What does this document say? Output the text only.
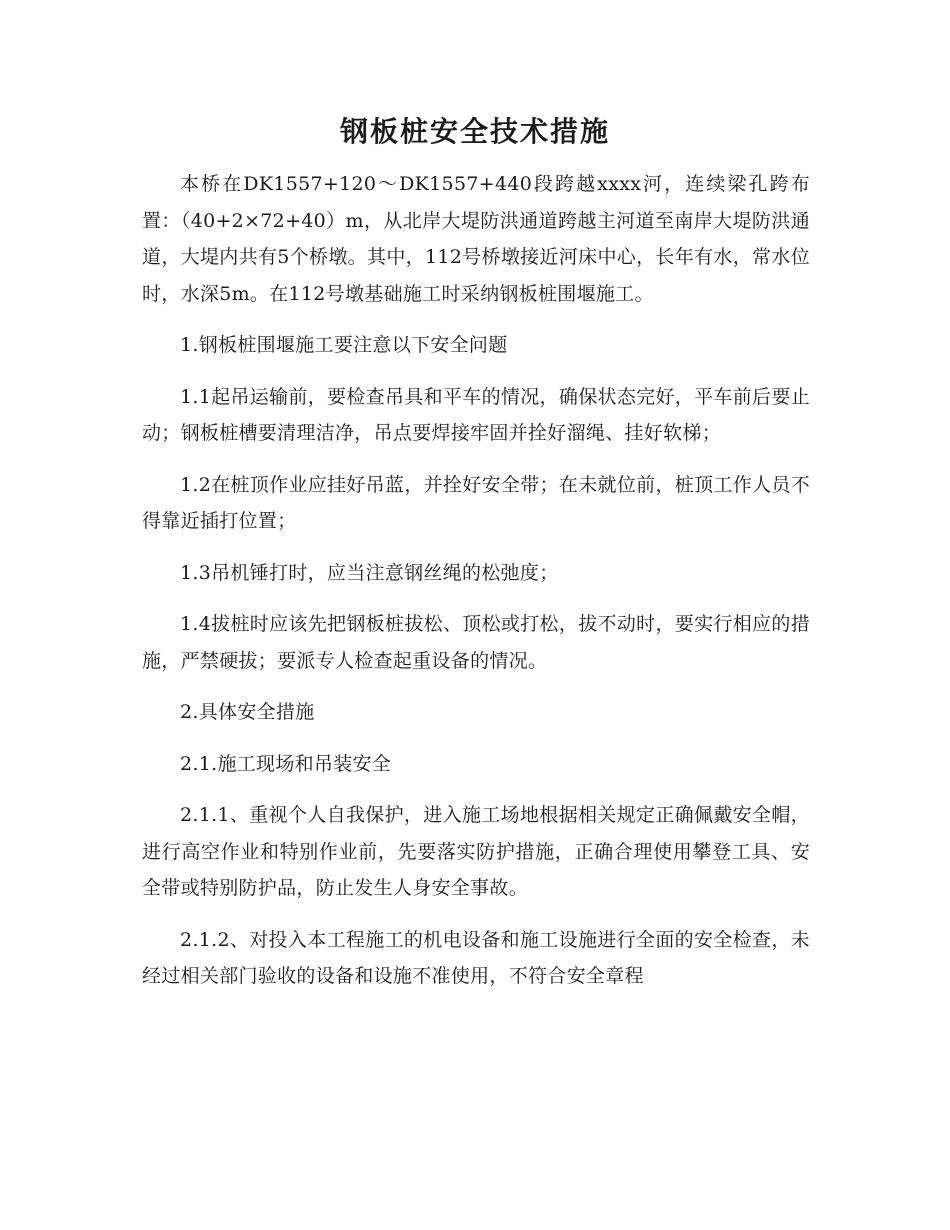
钢板桩安全技术措施

本桥在DK1557+120～DK1557+440段跨越xxxx河，连续梁孔跨布置：（40+2×72+40）m，从北岸大堤防洪通道跨越主河道至南岸大堤防洪通道，大堤内共有5个桥墩。其中，112号桥墩接近河床中心，长年有水，常水位时，水深5m。在112号墩基础施工时采纳钢板桩围堰施工。

1.钢板桩围堰施工要注意以下安全问题

1.1起吊运输前，要检查吊具和平车的情况，确保状态完好，平车前后要止动；钢板桩槽要清理洁净，吊点要焊接牢固并拴好溜绳、挂好软梯；

1.2在桩顶作业应挂好吊蓝，并拴好安全带；在未就位前，桩顶工作人员不得靠近插打位置；

1.3吊机锤打时，应当注意钢丝绳的松弛度；

1.4拔桩时应该先把钢板桩拔松、顶松或打松，拔不动时，要实行相应的措施，严禁硬拔；要派专人检查起重设备的情况。

2.具体安全措施

2.1.施工现场和吊装安全

2.1.1、重视个人自我保护，进入施工场地根据相关规定正确佩戴安全帽，进行高空作业和特别作业前，先要落实防护措施，正确合理使用攀登工具、安全带或特别防护品，防止发生人身安全事故。

2.1.2、对投入本工程施工的机电设备和施工设施进行全面的安全检查，未经过相关部门验收的设备和设施不准使用，不符合安全章程
